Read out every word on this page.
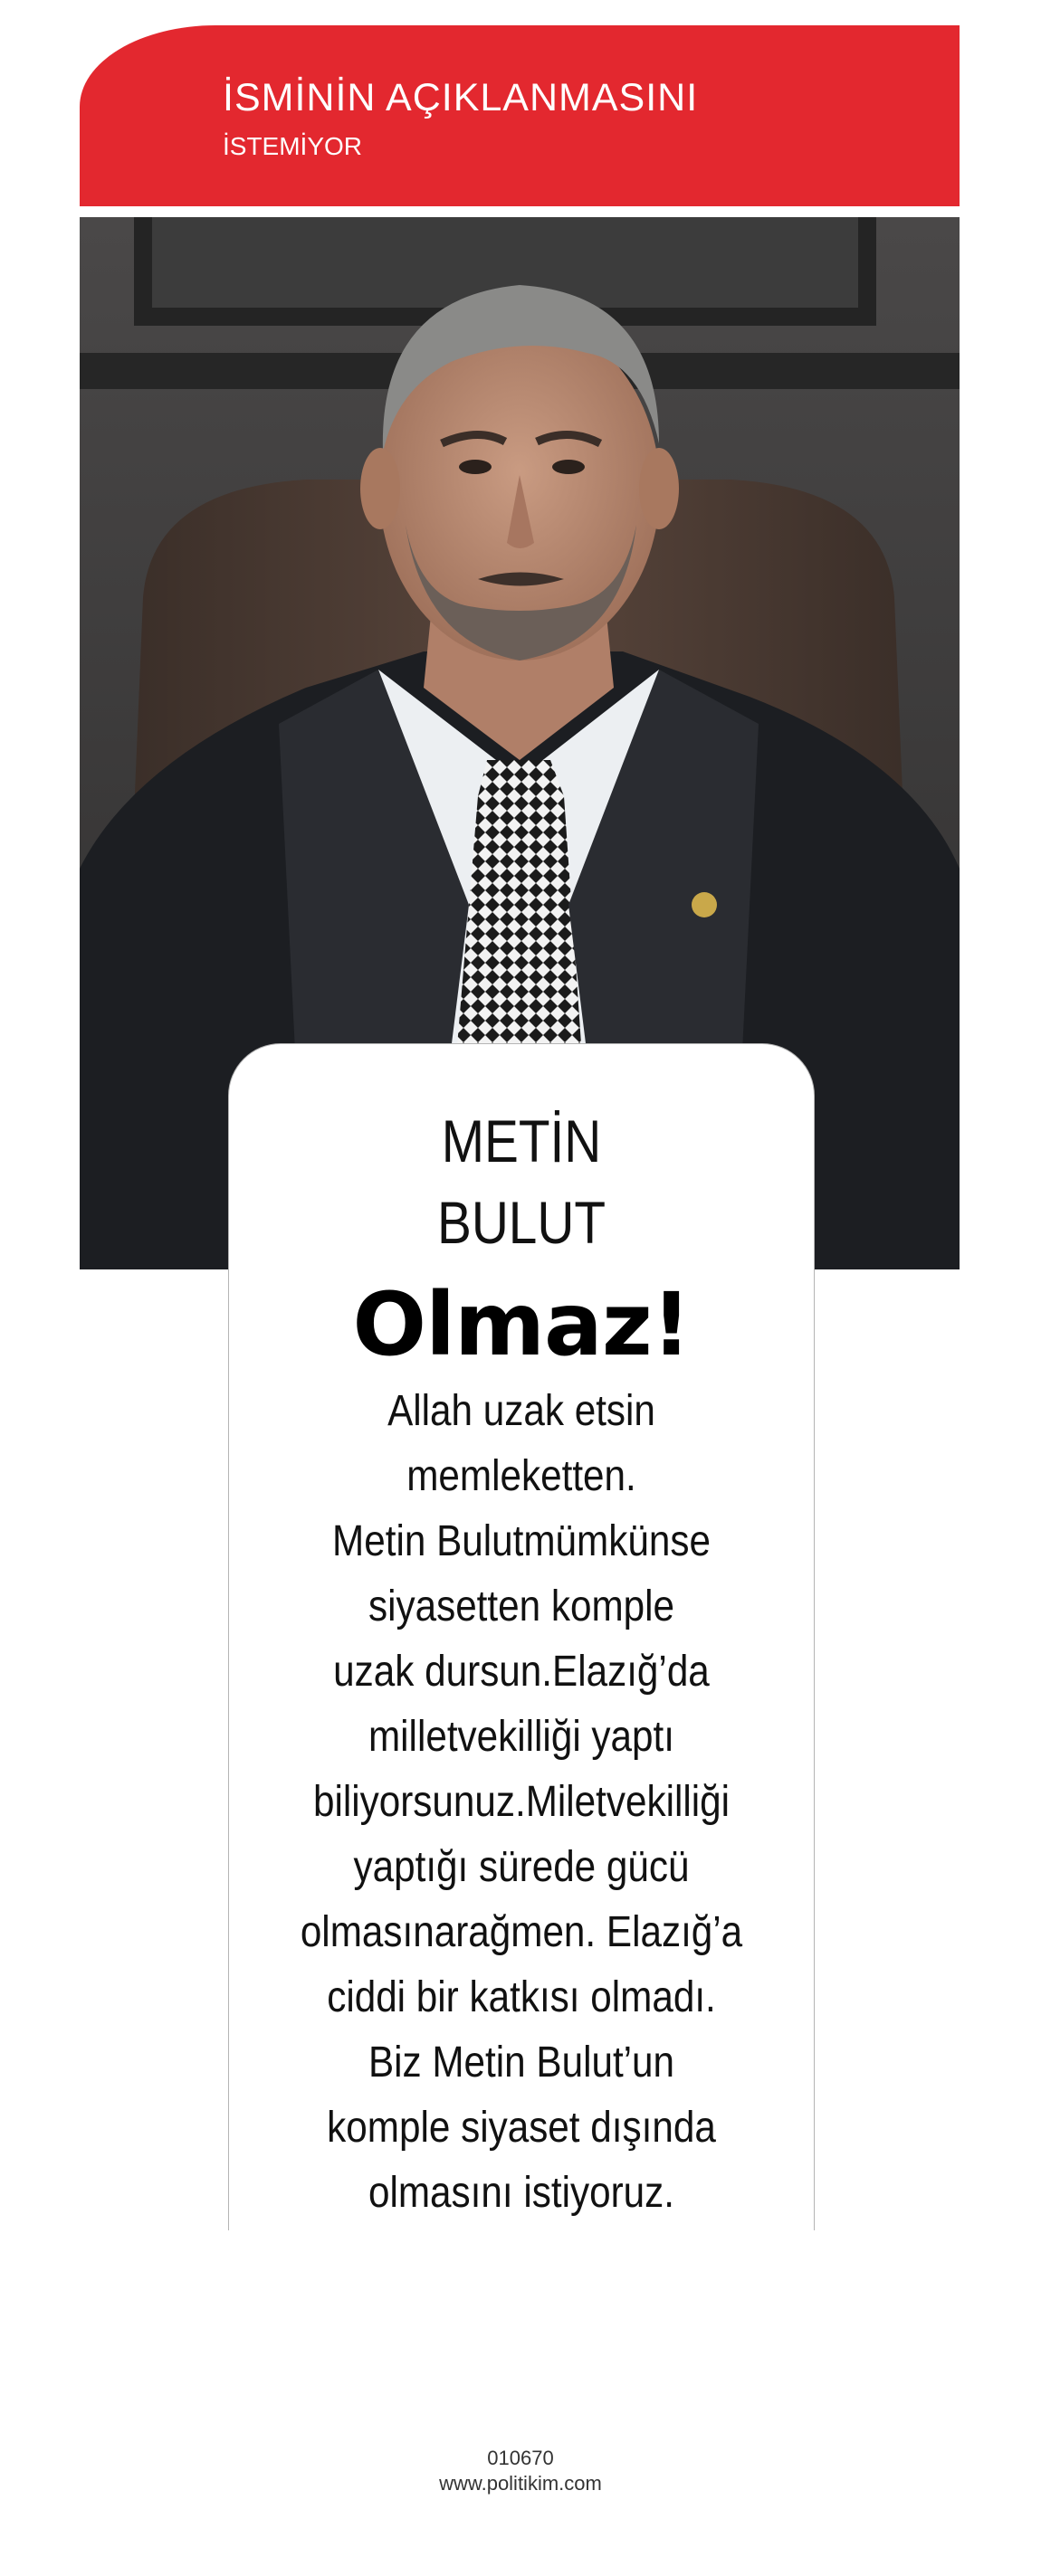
İSMİNİN AÇIKLANMASINI
İSTEMİYOR
METİN
BULUT
Olmaz!
Allah uzak etsin
memleketten.
Metin Bulutmümkünse
siyasetten komple
uzak dursun.Elazığ’da
milletvekilliği yaptı
biliyorsunuz.Miletvekilliği
yaptığı sürede gücü
olmasınarağmen. Elazığ’a
ciddi bir katkısı olmadı.
Biz Metin Bulut’un
komple siyaset dışında
olmasını istiyoruz.
010670
www.politikim.com
